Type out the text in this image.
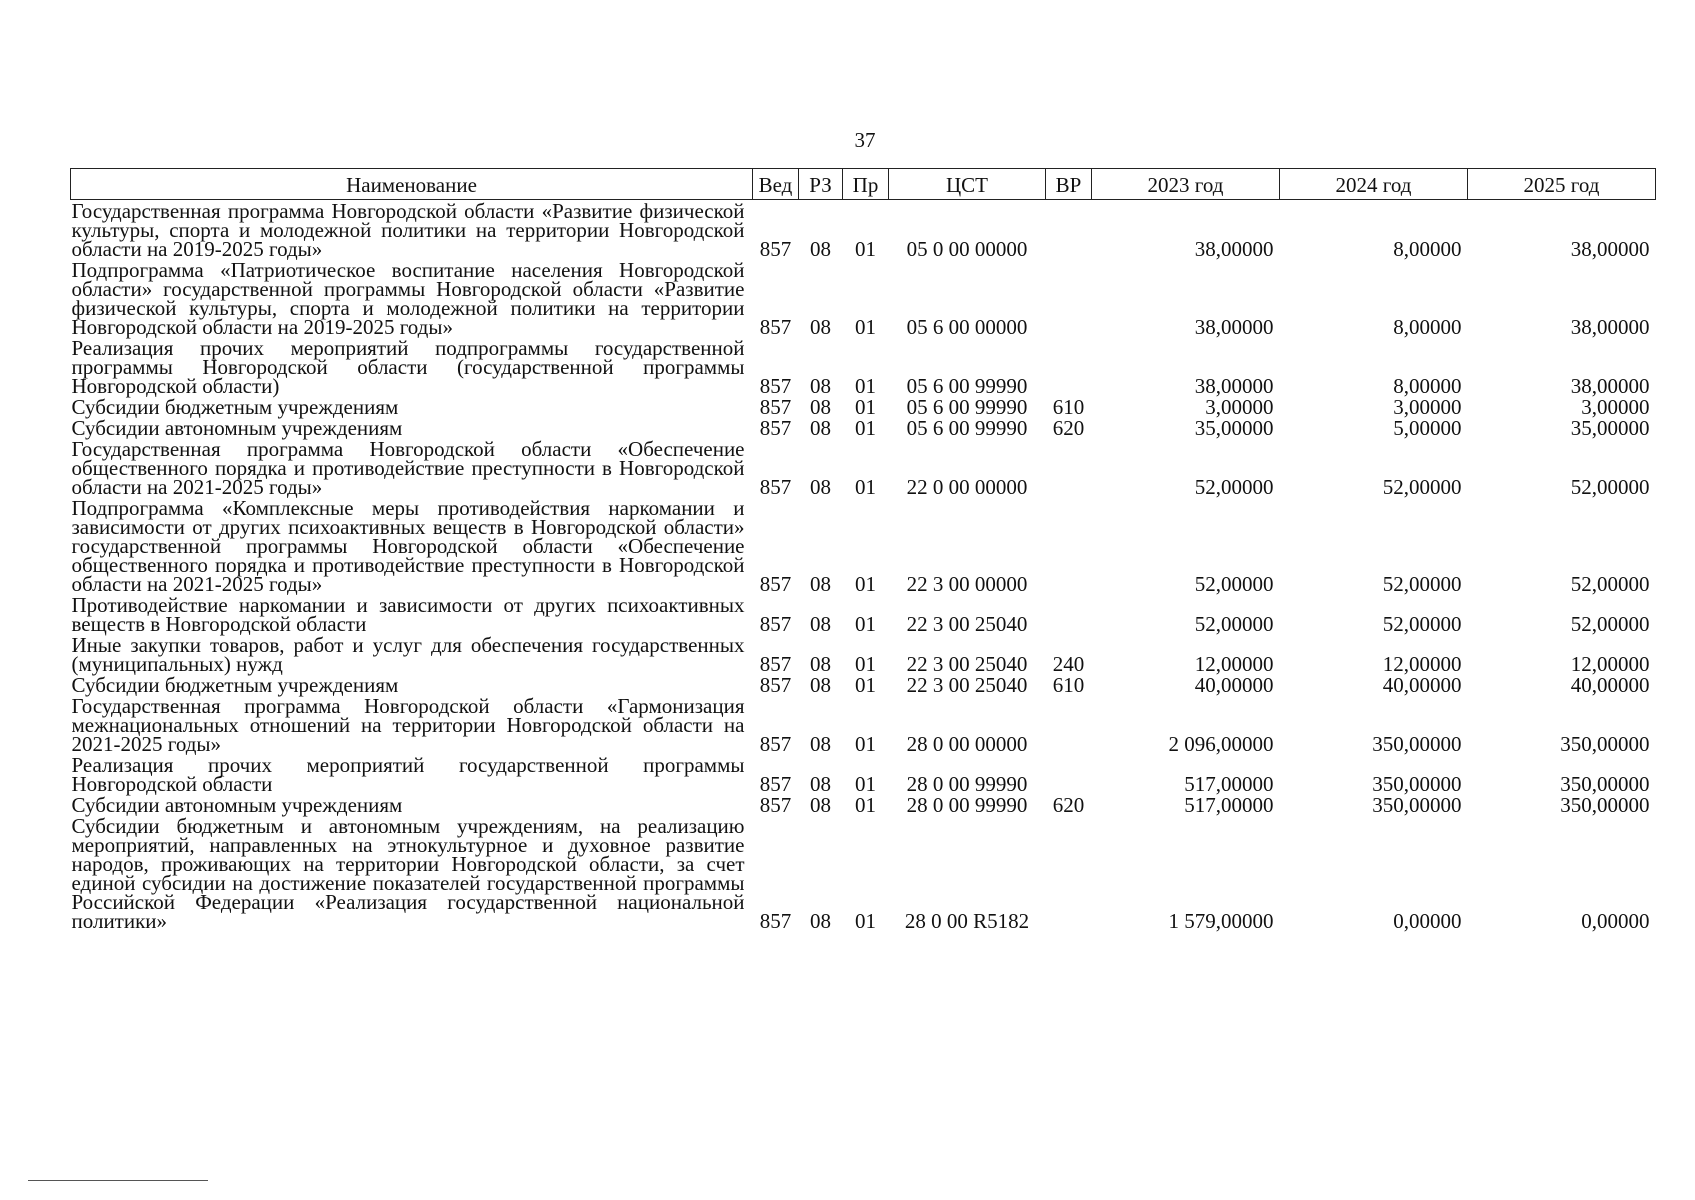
37
Наименование	Вед	РЗ	Пр	ЦСТ	ВР	2023 год	2024 год	2025 год
Государственная программа Новгородской области «Развитие физической культуры, спорта и молодежной политики на территории Новгородской области на 2019-2025 годы»	857	08	01	05 0 00 00000		38,00000	8,00000	38,00000
Подпрограмма «Патриотическое воспитание населения Новгородской области» государственной программы Новгородской области «Развитие физической культуры, спорта и молодежной политики на территории Новгородской области на 2019-2025 годы»	857	08	01	05 6 00 00000		38,00000	8,00000	38,00000
Реализация прочих мероприятий подпрограммы государственной программы Новгородской области (государственной программы Новгородской области)	857	08	01	05 6 00 99990		38,00000	8,00000	38,00000
Субсидии бюджетным учреждениям	857	08	01	05 6 00 99990	610	3,00000	3,00000	3,00000
Субсидии автономным учреждениям	857	08	01	05 6 00 99990	620	35,00000	5,00000	35,00000
Государственная программа Новгородской области «Обеспечение общественного порядка и противодействие преступности в Новгородской области на 2021-2025 годы»	857	08	01	22 0 00 00000		52,00000	52,00000	52,00000
Подпрограмма «Комплексные меры противодействия наркомании и зависимости от других психоактивных веществ в Новгородской области» государственной программы Новгородской области «Обеспечение общественного порядка и противодействие преступности в Новгородской области на 2021-2025 годы»	857	08	01	22 3 00 00000		52,00000	52,00000	52,00000
Противодействие наркомании и зависимости от других психоактивных веществ в Новгородской области	857	08	01	22 3 00 25040		52,00000	52,00000	52,00000
Иные закупки товаров, работ и услуг для обеспечения государственных (муниципальных) нужд	857	08	01	22 3 00 25040	240	12,00000	12,00000	12,00000
Субсидии бюджетным учреждениям	857	08	01	22 3 00 25040	610	40,00000	40,00000	40,00000
Государственная программа Новгородской области «Гармонизация межнациональных отношений на территории Новгородской области на 2021-2025 годы»	857	08	01	28 0 00 00000		2 096,00000	350,00000	350,00000
Реализация прочих мероприятий государственной программы Новгородской области	857	08	01	28 0 00 99990		517,00000	350,00000	350,00000
Субсидии автономным учреждениям	857	08	01	28 0 00 99990	620	517,00000	350,00000	350,00000
Субсидии бюджетным и автономным учреждениям, на реализацию мероприятий, направленных на этнокультурное и духовное развитие народов, проживающих на территории Новгородской области, за счет единой субсидии на достижение показателей государственной программы Российской Федерации «Реализация государственной национальной политики»	857	08	01	28 0 00 R5182		1 579,00000	0,00000	0,00000
